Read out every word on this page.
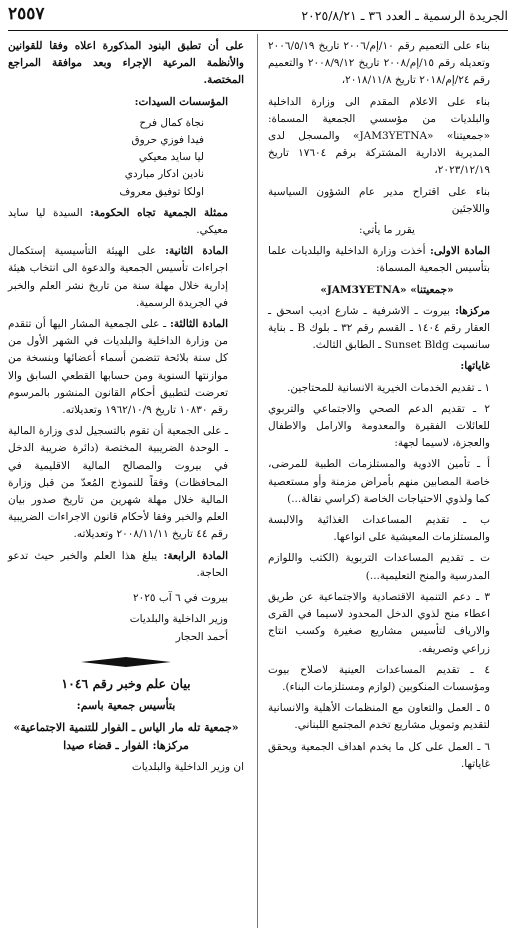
الجريدة الرسمية ـ العدد ٣٦ ـ ٢٠٢٥/٨/٢١
٢٥٥٧

بناء على التعميم رقم ١٠/إم/٢٠٠٦ تاريخ ٢٠٠٦/٥/١٩ وتعديله رقم ١٥/إم/٢٠٠٨ تاريخ ٢٠٠٨/٩/١٢ والتعميم رقم ٢٤/إم/٢٠١٨ تاريخ ٢٠١٨/١١/٨،

بناء على الاعلام المقدم الى وزارة الداخلية والبلديات من مؤسسي الجمعية المسماة: «جمعيتنا» «JAM3YETNA» والمسجل لدى المديرية الادارية المشتركة برقم ١٧٦٠٤ تاريخ ٢٠٢٣/١٢/١٩،

بناء على اقتراح مدير عام الشؤون السياسية واللاجئين

يقرر ما يأتي:

المادة الاولى: أخذت وزارة الداخلية والبلديات علما بتأسيس الجمعية المسماة:

«جمعيتنا» «JAM3YETNA»

مركزها: بيروت ـ الاشرفية ـ شارع اديب اسحق ـ العقار رقم ١٤٠٤ ـ القسم رقم ٣٢ ـ بلوك B ـ بناية سانسيت Sunset Bldg ـ الطابق الثالث.

غاياتها:

١ ـ تقديم الخدمات الخيرية الانسانية للمحتاجين.

٢ ـ تقديم الدعم الصحي والاجتماعي والتربوي للعائلات الفقيرة والمعدومة والارامل والاطفال والعجزة، لاسيما لجهة:

أ ـ تأمين الادوية والمستلزمات الطبية للمرضى، خاصة المصابين منهم بأمراض مزمنة وأو مستعصية كما ولذوي الاحتياجات الخاصة (كراسي نقالة...)

ب ـ تقديم المساعدات الغذائية والالبسة والمستلزمات المعيشية على انواعها.

ت ـ تقديم المساعدات التربوية (الكتب واللوازم المدرسية والمنح التعليمية...)

٣ ـ دعم التنمية الاقتصادية والاجتماعية عن طريق اعطاء منح لذوي الدخل المحدود لاسيما في القرى والارياف لتأسيس مشاريع صغيرة وكسب انتاج زراعي وتصريفه.

٤ ـ تقديم المساعدات العينية لاصلاح بيوت ومؤسسات المنكوبين (لوازم ومستلزمات البناء).

٥ ـ العمل والتعاون مع المنظمات الأهلية والانسانية لتقديم وتمويل مشاريع تخدم المجتمع اللبناني.

٦ ـ العمل على كل ما يخدم اهداف الجمعية ويحقق غاياتها.

على أن تطبق البنود المذكورة اعلاه وفقا للقوانين والأنظمة المرعية الإجراء وبعد موافقة المراجع المختصة.

المؤسسات السيدات:

نجاة كمال فرح
فيدا فوزي حروق
ليا سايد معيكي
نادين ادكار مباردي
اولكا توفيق معروف

ممثلة الجمعية تجاه الحكومة: السيدة ليا سايد معيكي.

المادة الثانية: على الهيئة التأسيسية إستكمال اجراءات تأسيس الجمعية والدعوة الى انتخاب هيئة إدارية خلال مهلة سنة من تاريخ نشر العلم والخبر في الجريدة الرسمية.

المادة الثالثة: ـ على الجمعية المشار اليها أن تتقدم من وزارة الداخلية والبلديات في الشهر الأول من كل سنة بلائحة تتضمن أسماء أعضائها وبنسخة من موازنتها السنوية ومن حسابها القطعي السابق والا تعرضت لتطبيق أحكام القانون المنشور بالمرسوم رقم ١٠٨٣٠ تاريخ ١٩٦٢/١٠/٩ وتعديلاته.

ـ على الجمعية أن تقوم بالتسجيل لدى وزارة المالية ـ الوحدة الضريبية المختصة (دائرة ضريبة الدخل في بيروت والمصالح المالية الاقليمية في المحافظات) وفقاً للنموذج المُعدّ من قبل وزارة المالية خلال مهلة شهرين من تاريخ صدور بيان العلم والخبر وفقا لأحكام قانون الاجراءات الضريبية رقم ٤٤ تاريخ ٢٠٠٨/١١/١١ وتعديلاته.

المادة الرابعة: يبلغ هذا العلم والخبر حيث تدعو الحاجة.

بيروت في ٦ آب ٢٠٢٥

وزير الداخلية والبلديات

أحمد الحجار

بيان علم وخبر رقم ١٠٤٦

بتأسيس جمعية باسم:

«جمعية تله مار الياس ـ الفوار للتنمية الاجتماعية» مركزها: الفوار ـ قضاء صيدا

ان وزير الداخلية والبلديات
